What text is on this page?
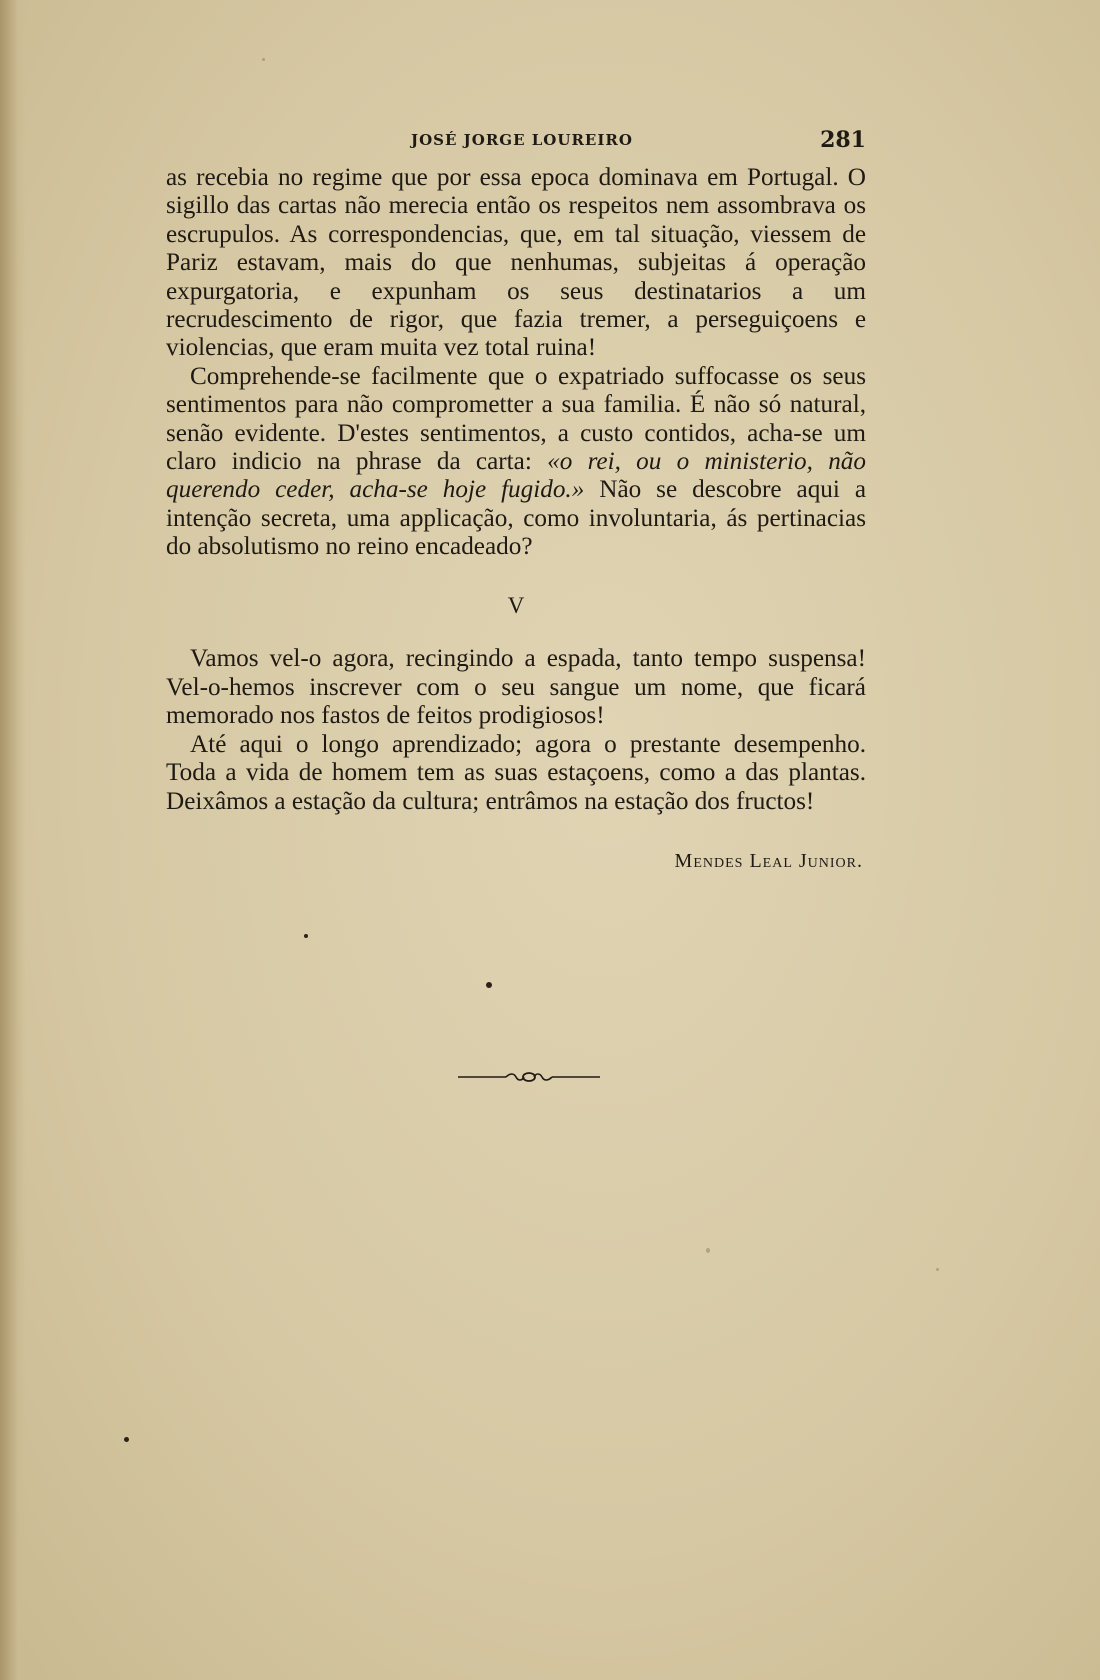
JOSÉ JORGE LOUREIRO	281

as recebia no regime que por essa epoca dominava em Portugal. O sigillo das cartas não merecia então os respeitos nem assombrava os escrupulos. As correspondencias, que, em tal situação, viessem de Pariz estavam, mais do que nenhumas, subjeitas á operação expurgatoria, e expunham os seus destinatarios a um recrudescimento de rigor, que fazia tremer, a perseguiçoens e violencias, que eram muita vez total ruina!

Comprehende-se facilmente que o expatriado suffocasse os seus sentimentos para não comprometter a sua familia. É não só natural, senão evidente. D'estes sentimentos, a custo contidos, acha-se um claro indicio na phrase da carta: «o rei, ou o ministerio, não querendo ceder, acha-se hoje fugido.» Não se descobre aqui a intenção secreta, uma applicação, como involuntaria, ás pertinacias do absolutismo no reino encadeado?

V

Vamos vel-o agora, recingindo a espada, tanto tempo suspensa! Vel-o-hemos inscrever com o seu sangue um nome, que ficará memorado nos fastos de feitos prodigiosos!

Até aqui o longo aprendizado; agora o prestante desempenho. Toda a vida de homem tem as suas estaçoens, como a das plantas. Deixâmos a estação da cultura; entrâmos na estação dos fructos!

Mendes Leal Junior.
